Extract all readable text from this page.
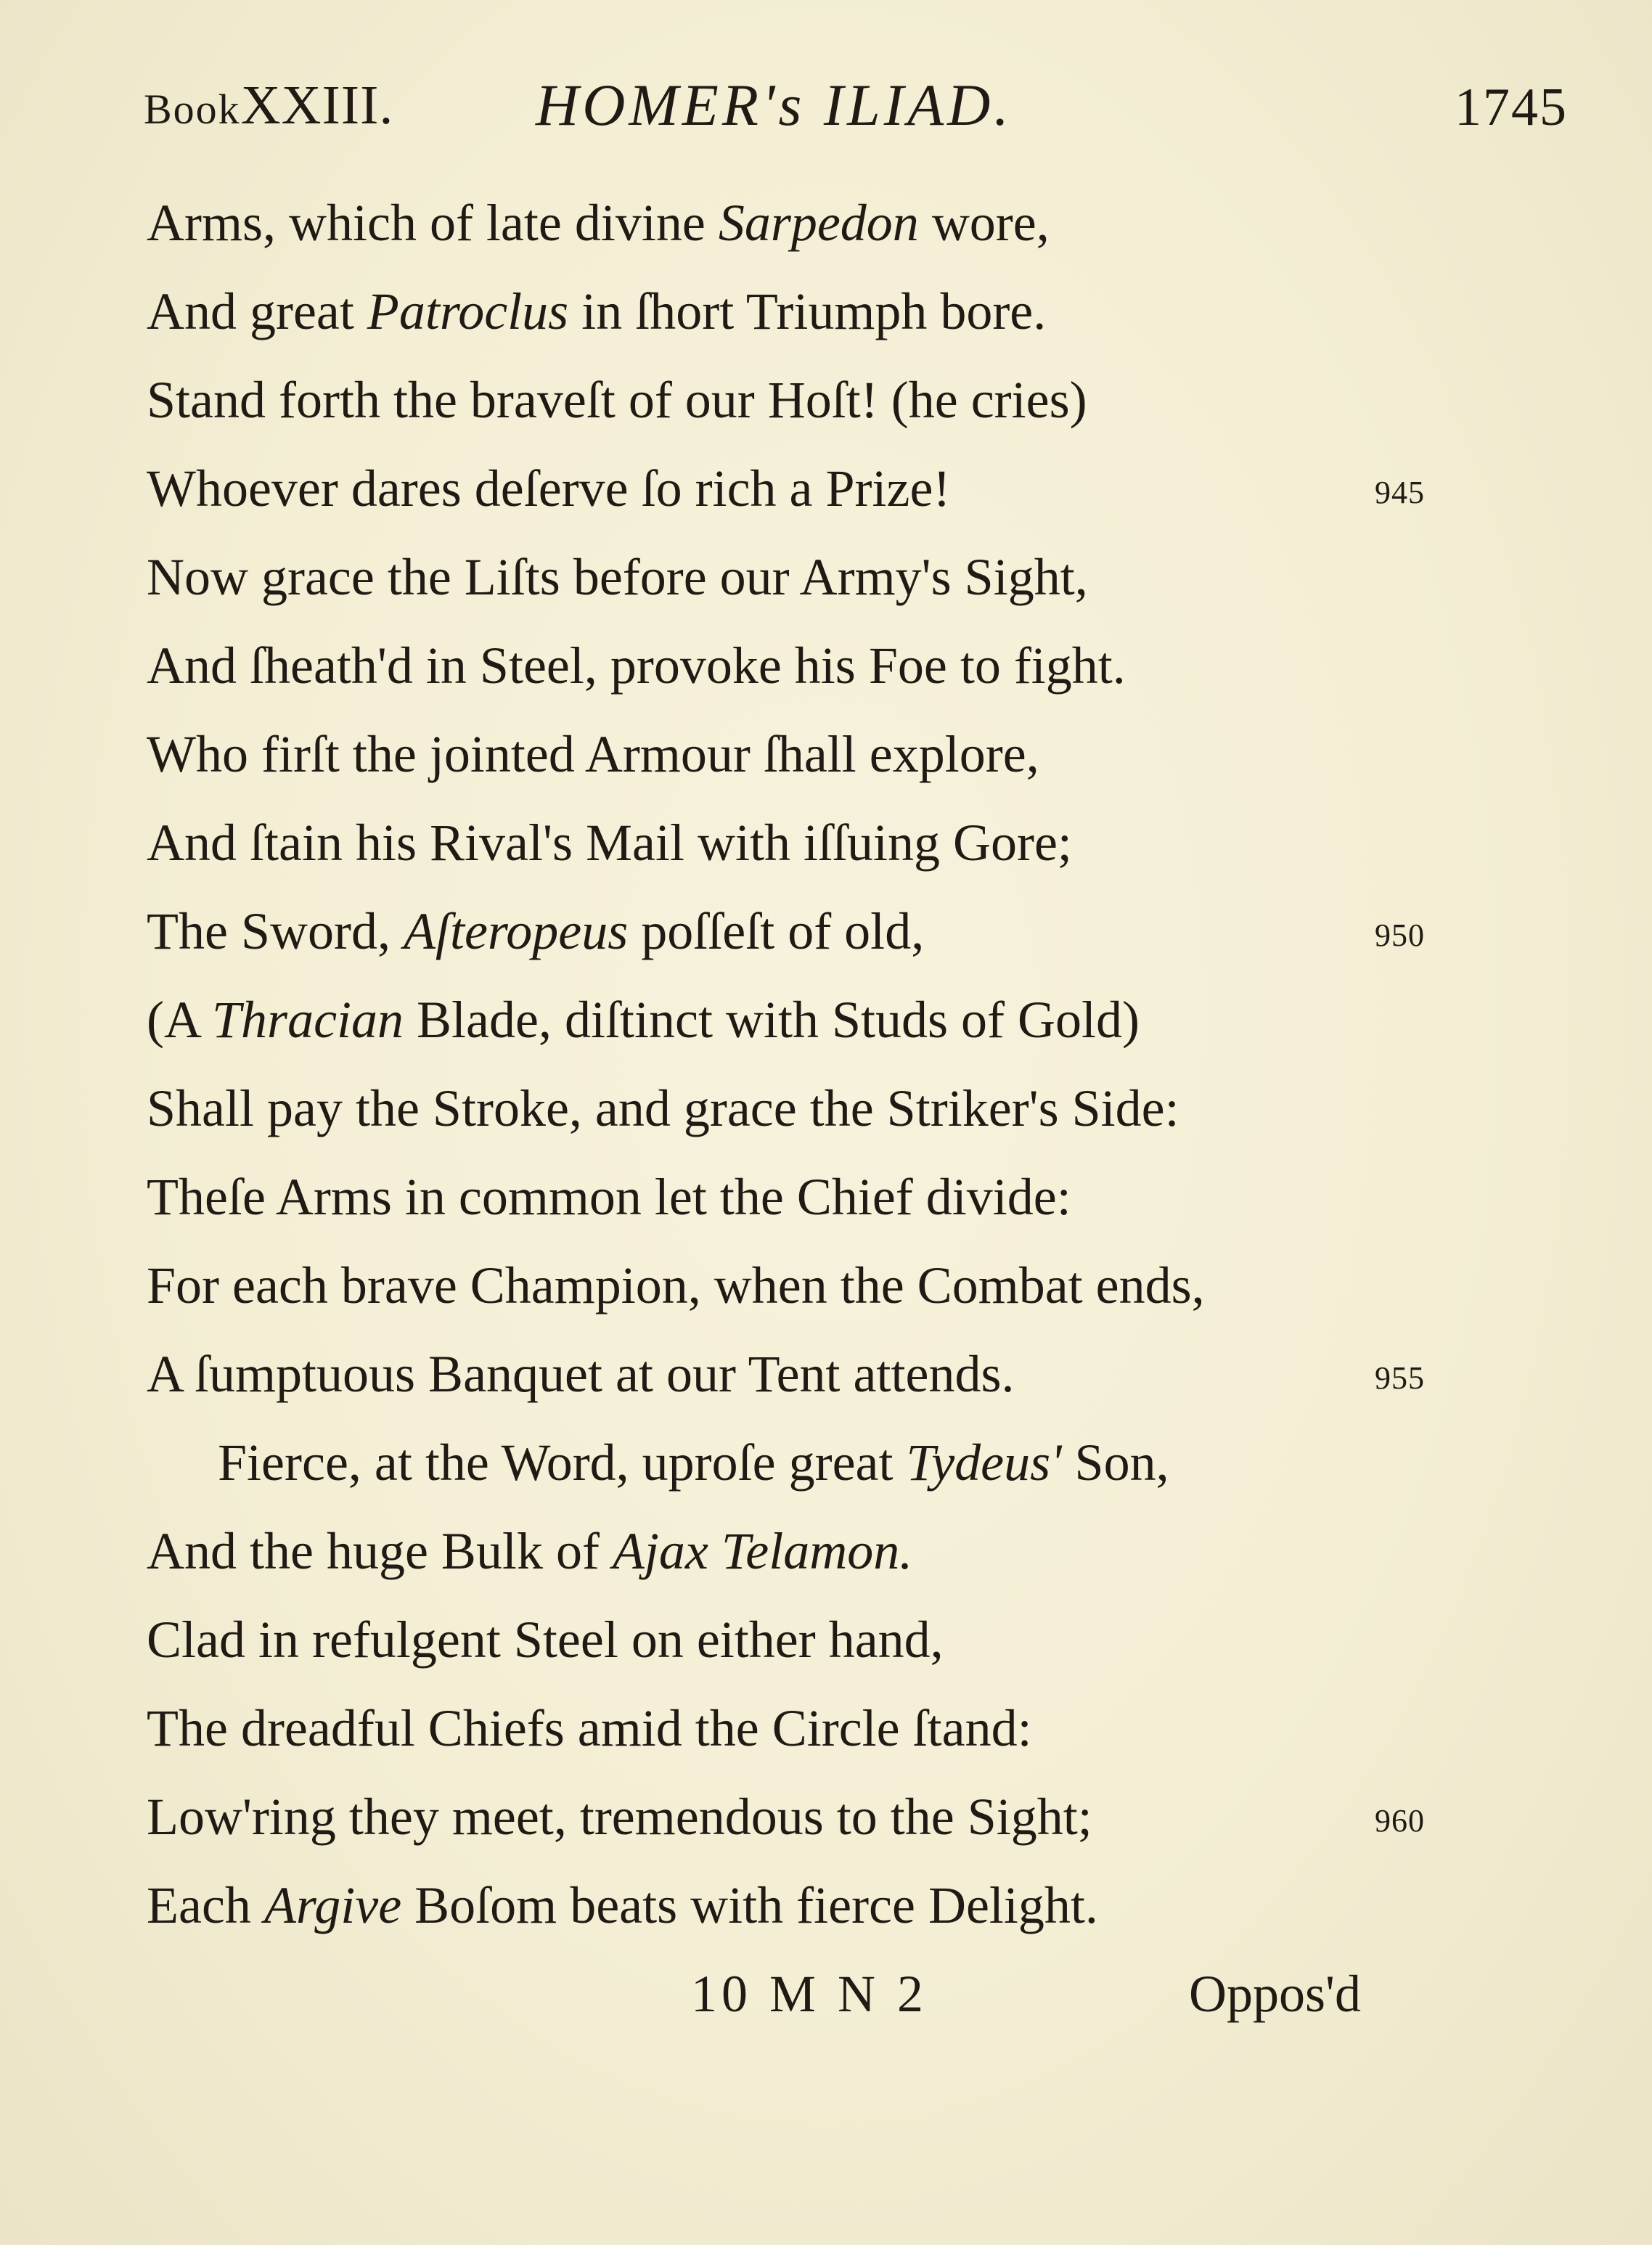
BookXXIII. HOMER's ILIAD.	1745
Arms, which of late divine Sarpedon wore,
And great Patroclus in ſhort Triumph bore.
Stand forth the braveſt of our Hoſt! (he cries)
Whoever dares deſerve ſo rich a Prize!	945
Now grace the Liſts before our Army's Sight,
And ſheath'd in Steel, provoke his Foe to fight.
Who firſt the jointed Armour ſhall explore,
And ſtain his Rival's Mail with iſſuing Gore;
The Sword, Aſteropeus poſſeſt of old,	950
(A Thracian Blade, diſtinct with Studs of Gold)
Shall pay the Stroke, and grace the Striker's Side:
Theſe Arms in common let the Chief divide:
For each brave Champion, when the Combat ends,
A ſumptuous Banquet at our Tent attends.	955
Fierce, at the Word, uproſe great Tydeus' Son,
And the huge Bulk of Ajax Telamon.
Clad in refulgent Steel on either hand,
The dreadful Chiefs amid the Circle ſtand:
Low'ring they meet, tremendous to the Sight;	960
Each Argive Boſom beats with fierce Delight.
10 M N 2	Oppos'd
